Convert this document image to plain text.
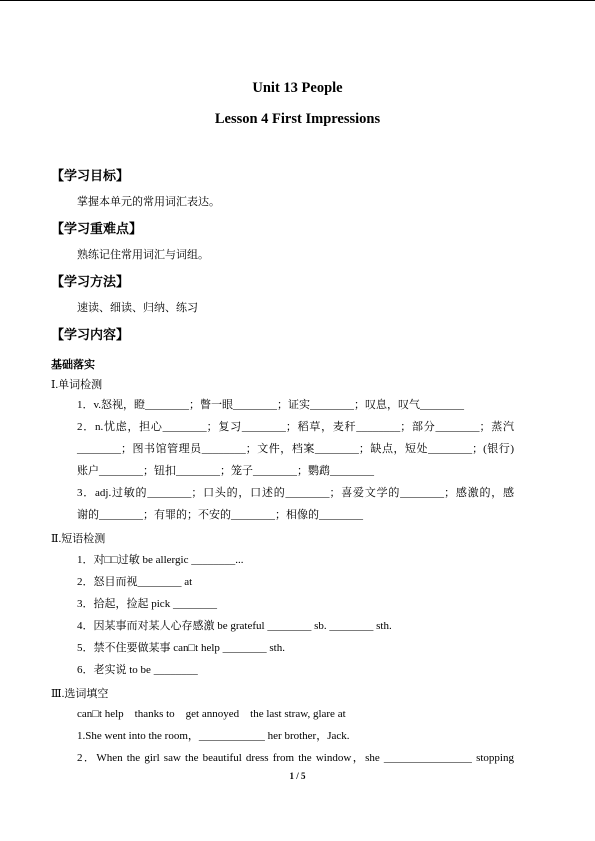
Unit 13 People
Lesson 4 First Impressions
【学习目标】
掌握本单元的常用词汇表达。
【学习重难点】
熟练记住常用词汇与词组。
【学习方法】
速读、细读、归纳、练习
【学习内容】
基础落实
Ⅰ.单词检测
1．v.怒视，瞪________；瞥一眼________；证实________；叹息，叹气________
2．n.忧虑，担心________；复习________；稻草，麦秆________；部分________；蒸汽
________；图书馆管理员________；文件，档案________；缺点，短处________；(银行)
账户________；钮扣________；笼子________；鹦鹉________
3．adj.过敏的________；口头的，口述的________；喜爱文学的________；感激的，感
谢的________；有罪的；不安的________；相像的________
Ⅱ.短语检测
1．对□□过敏 be allergic ________...
2．怒目而视________ at
3．拾起，捡起 pick ________
4．因某事而对某人心存感激 be grateful ________ sb. ________ sth.
5．禁不住要做某事 can□t help ________ sth.
6．老实说 to be ________
Ⅲ.选词填空
can□t help    thanks to    get annoyed    the last straw, glare at
1.She went into the room，____________ her brother，Jack.
2．When the girl saw the beautiful dress from the window，she ________________ stopping
1 / 5
